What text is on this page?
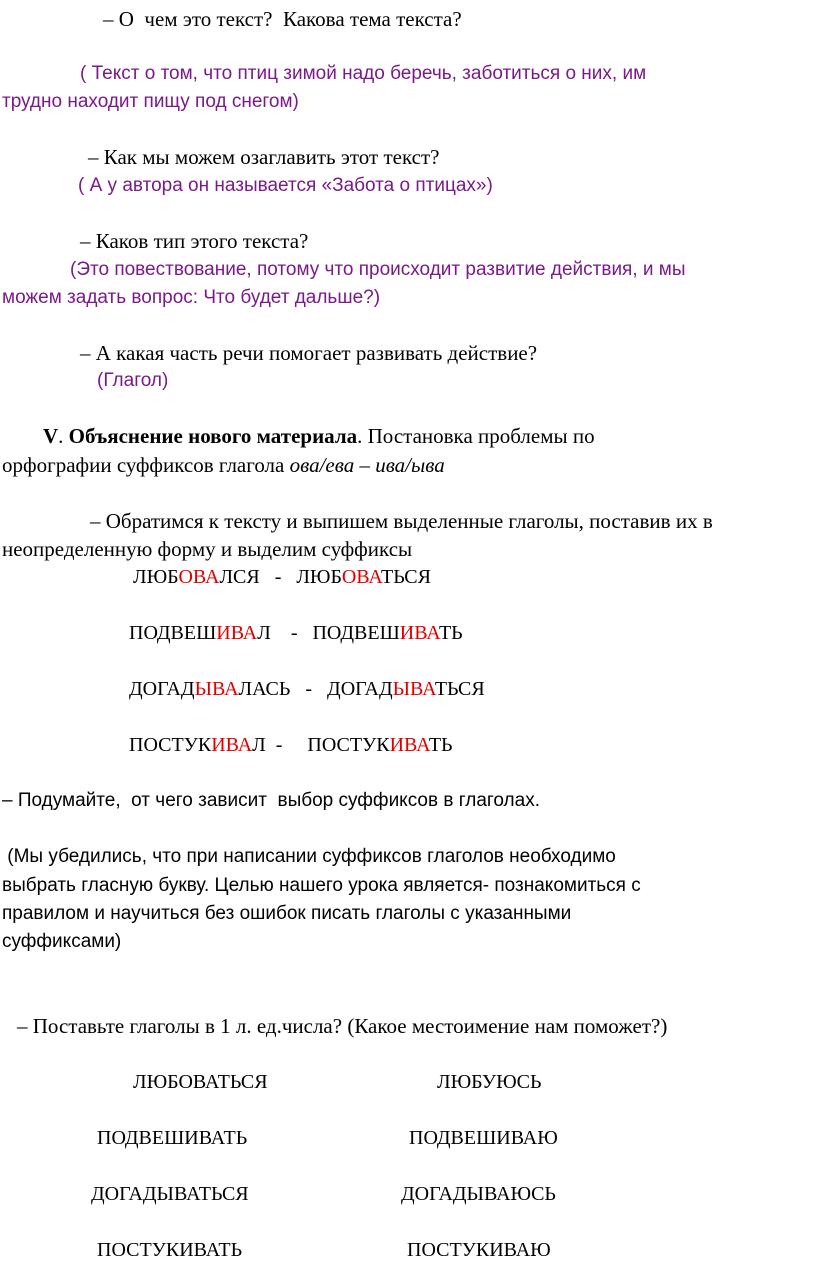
– О  чем это текст?  Какова тема текста?
( Текст о том, что птиц зимой надо беречь, заботиться о них, им
трудно находит пищу под снегом)
– Как мы можем озаглавить этот текст?
( А у автора он называется «Забота о птицах»)
– Каков тип этого текста?
(Это повествование, потому что происходит развитие действия, и мы
можем задать вопрос: Что будет дальше?)
– А какая часть речи помогает развивать действие?
(Глагол)
V. Объяснение нового материала. Постановка проблемы по
орфографии суффиксов глагола ова/ева – ива/ыва
– Обратимся к тексту и выпишем выделенные глаголы, поставив их в
неопределенную форму и выделим суффиксы
ЛЮБОВАЛСЯ   -   ЛЮБОВАТЬСЯ
ПОДВЕШИВАЛ    -   ПОДВЕШИВАТЬ
ДОГАДЫВАЛАСЬ   -   ДОГАДЫВАТЬСЯ
ПОСТУКИВАЛ  -     ПОСТУКИВАТЬ
– Подумайте,  от чего зависит  выбор суффиксов в глаголах.
(Мы убедились, что при написании суффиксов глаголов необходимо
выбрать гласную букву. Целью нашего урока является- познакомиться с
правилом и научиться без ошибок писать глаголы с указанными
суффиксами)
– Поставьте глаголы в 1 л. ед.числа? (Какое местоимение нам поможет?)
ЛЮБОВАТЬСЯ	ЛЮБУЮСЬ
ПОДВЕШИВАТЬ	ПОДВЕШИВАЮ
ДОГАДЫВАТЬСЯ	ДОГАДЫВАЮСЬ
ПОСТУКИВАТЬ	ПОСТУКИВАЮ
